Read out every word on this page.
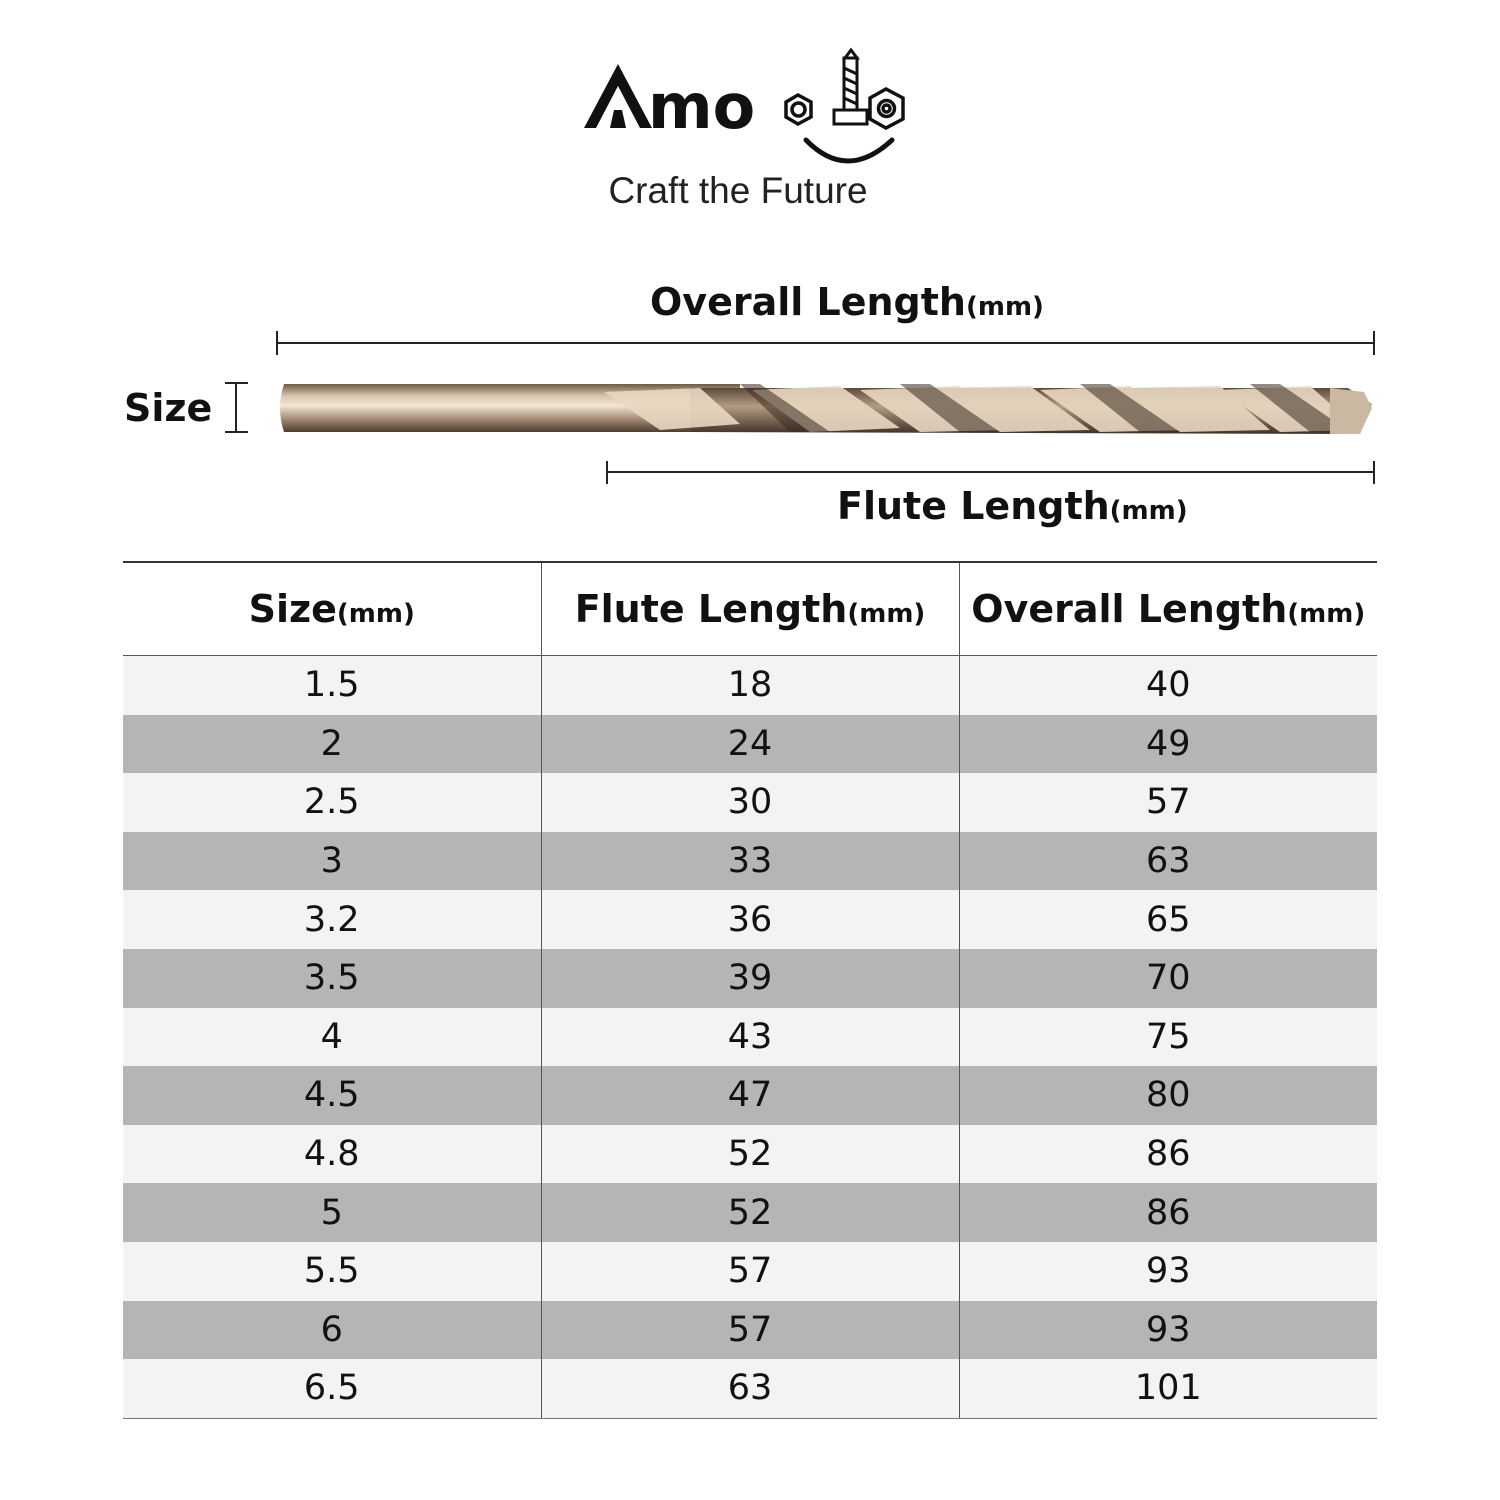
mo
Craft the Future
Overall Length(mm)
Size
Flute Length(mm)
Size(mm)	Flute Length(mm)	Overall Length(mm)
1.5	18	40
2	24	49
2.5	30	57
3	33	63
3.2	36	65
3.5	39	70
4	43	75
4.5	47	80
4.8	52	86
5	52	86
5.5	57	93
6	57	93
6.5	63	101
